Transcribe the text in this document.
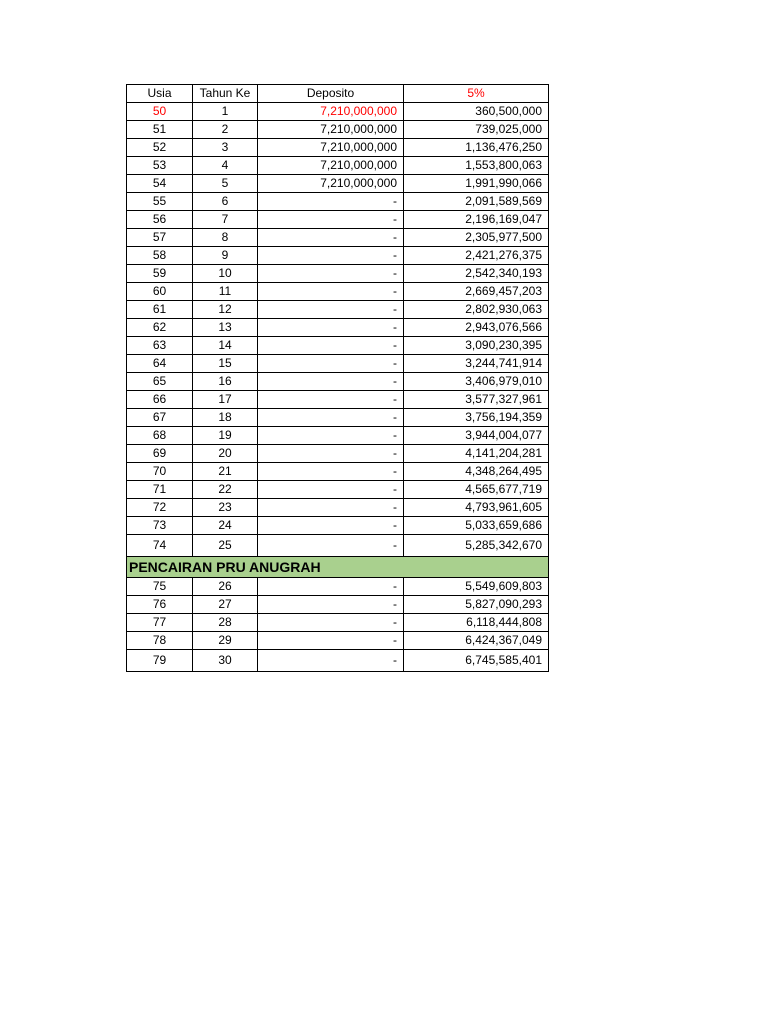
Usia	Tahun Ke	Deposito	5%
50	1	7,210,000,000	360,500,000
51	2	7,210,000,000	739,025,000
52	3	7,210,000,000	1,136,476,250
53	4	7,210,000,000	1,553,800,063
54	5	7,210,000,000	1,991,990,066
55	6	-	2,091,589,569
56	7	-	2,196,169,047
57	8	-	2,305,977,500
58	9	-	2,421,276,375
59	10	-	2,542,340,193
60	11	-	2,669,457,203
61	12	-	2,802,930,063
62	13	-	2,943,076,566
63	14	-	3,090,230,395
64	15	-	3,244,741,914
65	16	-	3,406,979,010
66	17	-	3,577,327,961
67	18	-	3,756,194,359
68	19	-	3,944,004,077
69	20	-	4,141,204,281
70	21	-	4,348,264,495
71	22	-	4,565,677,719
72	23	-	4,793,961,605
73	24	-	5,033,659,686
74	25	-	5,285,342,670
PENCAIRAN PRU ANUGRAH			
75	26	-	5,549,609,803
76	27	-	5,827,090,293
77	28	-	6,118,444,808
78	29	-	6,424,367,049
79	30	-	6,745,585,401
